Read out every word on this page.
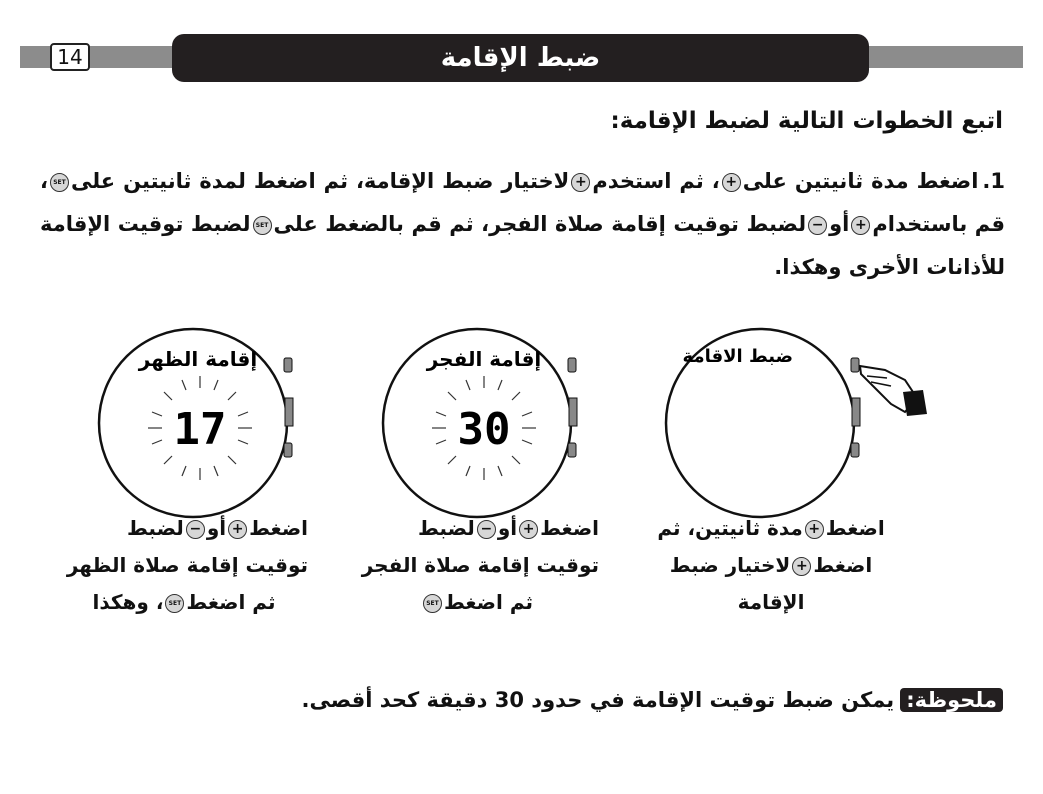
14	ضبط الإقامة
اتبع الخطوات التالية لضبط الإقامة:
1.اضغط مدة ثانيتين على+، ثم استخدم+لاختيار ضبط الإقامة، ثم اضغط لمدة ثانيتين علىSET، قم باستخدام+أو−لضبط توقيت إقامة صلاة الفجر، ثم قم بالضغط علىSETلضبط توقيت الإقامة للأذانات الأخرى وهكذا.
ضبط الاقامة
إقامة الفجر
30
إقامة الظهر
17
اضغط+مدة ثانيتين، ثم
اضغط+لاختيار ضبط
الإقامة
اضغط+أو−لضبط
توقيت إقامة صلاة الفجر
ثم اضغطSET
اضغط+أو−لضبط
توقيت إقامة صلاة الظهر
ثم اضغطSET، وهكذا
ملحوظة:يمكن ضبط توقيت الإقامة في حدود 30 دقيقة كحد أقصى.
